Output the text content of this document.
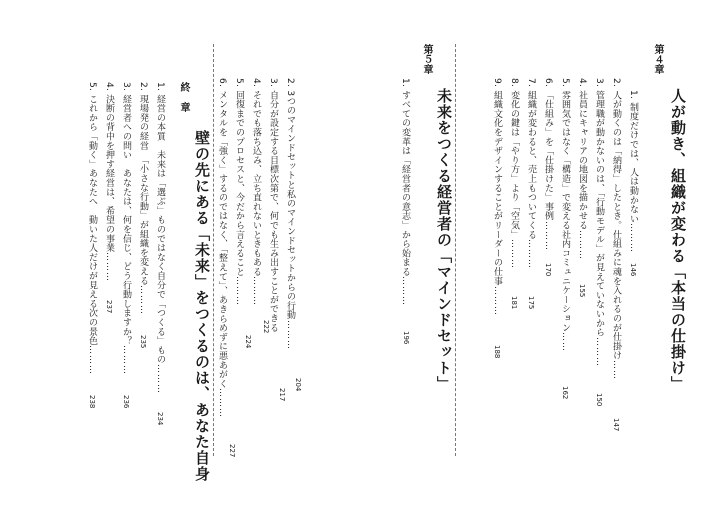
第４章
人が動き、組織が変わる「本当の仕掛け」
1. 制度だけでは、人は動かない………
146
2. 人が動くのは「納得」したとき。仕組みに魂を入れるのが仕掛け……
147
3. 管理職が動かないのは、「行動モデル」が見えていないから………
150
4. 社員にキャリアの地図を描かせる………
155
5. 雰囲気ではなく「構造」で変える社内コミュニケーション……
162
6. 「仕組み」を「仕掛けた」事例………
170
7. 組織が変わると、売上もついてくる………
175
8. 変化の鍵は「やり方」より「空気」………
181
9. 組織文化をデザインすることがリーダーの仕事………
188
第５章
未来をつくる経営者の「マインドセット」
1. すべての変革は「経営者の意志」から始まる………
196
2. 3つのマインドセットと私のマインドセットからの行動………
204
3. 自分が設定する目標次第で、何でも生み出すことができる
217
4. それでも落ち込み、立ち直れないときもある………
222
5. 回復までのプロセスと、今だから言えること………
224
6. メンタルを「強く」するのではなく、「整えて」、あきらめずに悪あがく………
227
終　章
壁の先にある「未来」をつくるのは、あなた自身
1. 経営の本質　未来は「選ぶ」ものではなく自分で「つくる」もの………
234
2. 現場発の経営　「小さな行動」が組織を変える………
235
3. 経営者への問い　あなたは、何を信じ、どう行動しますか？………
236
4. 決断の背中を押す経営は、希望の事業………
237
5. これから「動く」あなたへ　動いた人だけが見える次の景色………
238
